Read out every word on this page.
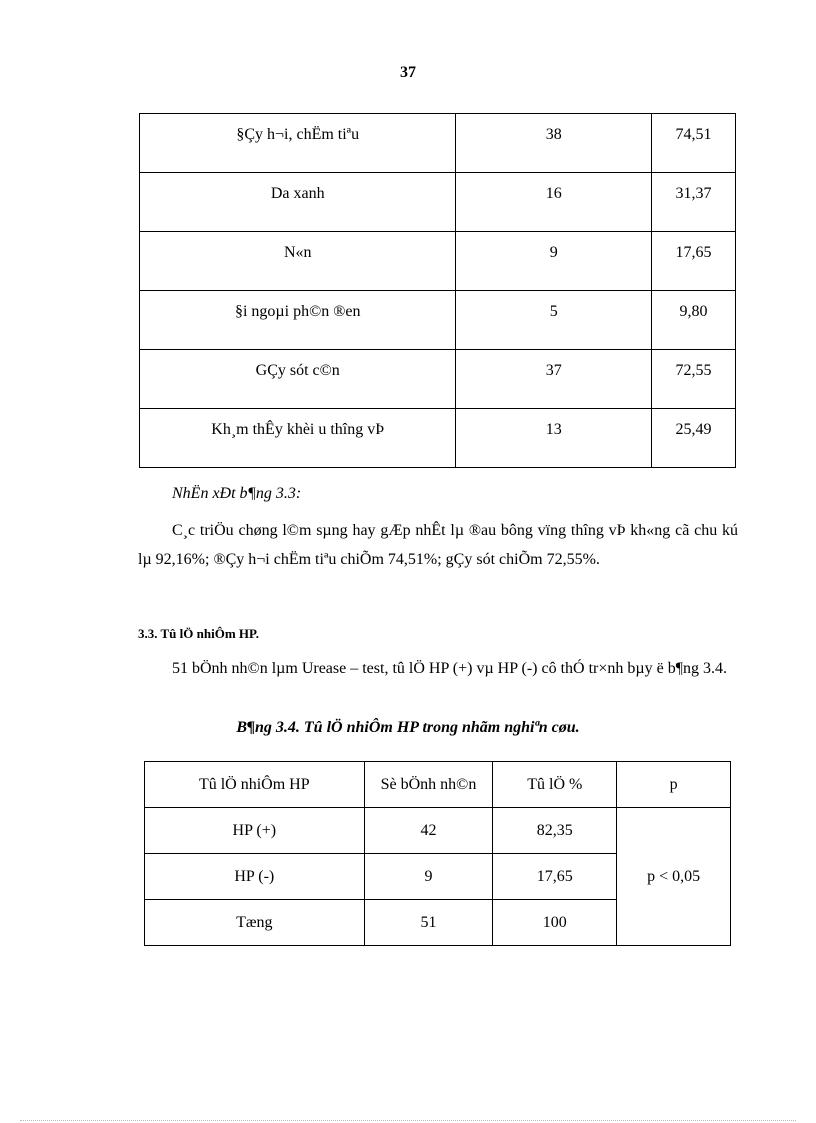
37
§Çy h¬i, chËm tiªu	38	74,51
Da xanh	16	31,37
N«n	9	17,65
§i ngoµi ph©n ®en	5	9,80
GÇy sót c©n	37	72,55
Kh¸m thÊy khèi u thîng vÞ	13	25,49
NhËn xÐt b¶ng 3.3:

C¸c triÖu chøng l©m sµng hay gÆp nhÊt lµ ®au bông vïng thîng vÞ kh«ng cã chu kú lµ 92,16%; ®Çy h¬i chËm tiªu chiÕm 74,51%; gÇy sót chiÕm 72,55%.

3.3. Tû lÖ nhiÔm HP.

51 bÖnh nh©n lµm Urease – test, tû lÖ HP (+) vµ HP (-) cô thÓ tr×nh bµy ë b¶ng 3.4.

B¶ng 3.4. Tû lÖ nhiÔm HP trong nhãm nghiªn cøu.
Tû lÖ nhiÔm HP	Sè bÖnh nh©n	Tû lÖ %	p
HP (+)	42	82,35	p < 0,05
HP (-)	9	17,65	
Tæng	51	100	
